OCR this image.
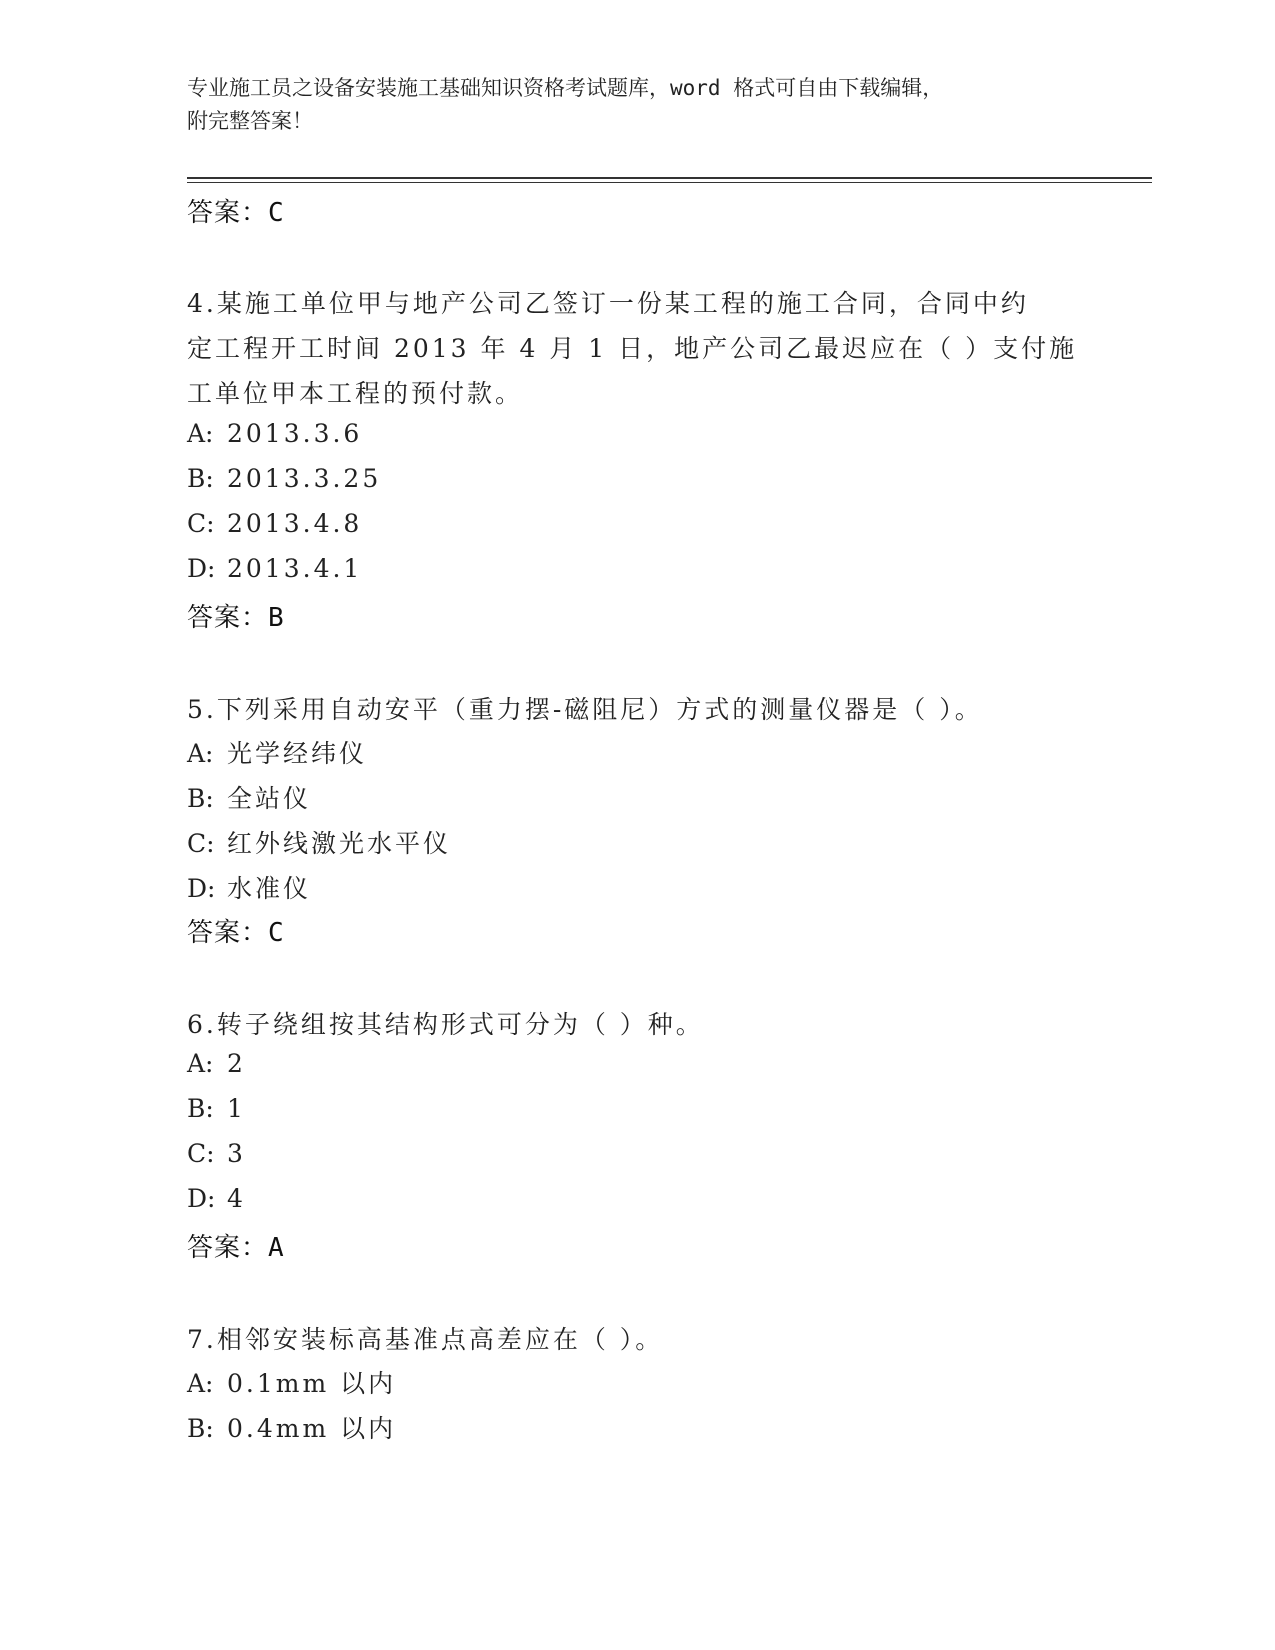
专业施工员之设备安装施工基础知识资格考试题库，word 格式可自由下载编辑，
附完整答案！
答案：C
4.某施工单位甲与地产公司乙签订一份某工程的施工合同，合同中约
定工程开工时间 2013 年 4 月 1 日，地产公司乙最迟应在（ ）支付施
工单位甲本工程的预付款。
A: 2013.3.6
B: 2013.3.25
C: 2013.4.8
D: 2013.4.1
答案：B
5.下列采用自动安平（重力摆-磁阻尼）方式的测量仪器是（ ）。
A: 光学经纬仪
B: 全站仪
C: 红外线激光水平仪
D: 水准仪
答案：C
6.转子绕组按其结构形式可分为（ ）种。
A: 2
B: 1
C: 3
D: 4
答案：A
7.相邻安装标高基准点高差应在（ ）。
A: 0.1mm 以内
B: 0.4mm 以内
